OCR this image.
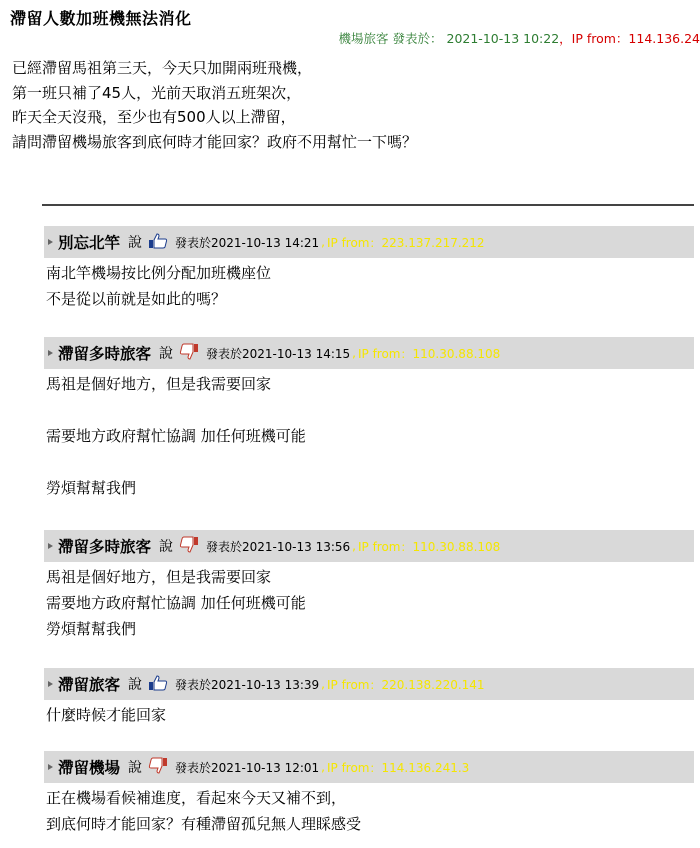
滯留人數加班機無法消化
機場旅客 發表於： 2021-10-13 10:22，IP from：114.136.24
已經滯留馬祖第三天，今天只加開兩班飛機，
第一班只補了45人，光前天取消五班架次，
昨天全天沒飛，至少也有500人以上滯留，
請問滯留機場旅客到底何時才能回家？政府不用幫忙一下嗎？
別忘北竿 說	發表於2021-10-13 14:21 , IP from：223.137.217.212
南北竿機場按比例分配加班機座位
不是從以前就是如此的嗎？
滯留多時旅客 說	發表於2021-10-13 14:15 , IP from：110.30.88.108
馬祖是個好地方，但是我需要回家

需要地方政府幫忙協調 加任何班機可能

勞煩幫幫我們
滯留多時旅客 說	發表於2021-10-13 13:56 , IP from：110.30.88.108
馬祖是個好地方，但是我需要回家
需要地方政府幫忙協調 加任何班機可能
勞煩幫幫我們
滯留旅客 說	發表於2021-10-13 13:39 , IP from：220.138.220.141
什麼時候才能回家
滯留機場 說	發表於2021-10-13 12:01 , IP from：114.136.241.3
正在機場看候補進度，看起來今天又補不到，
到底何時才能回家？有種滯留孤兒無人理睬感受
